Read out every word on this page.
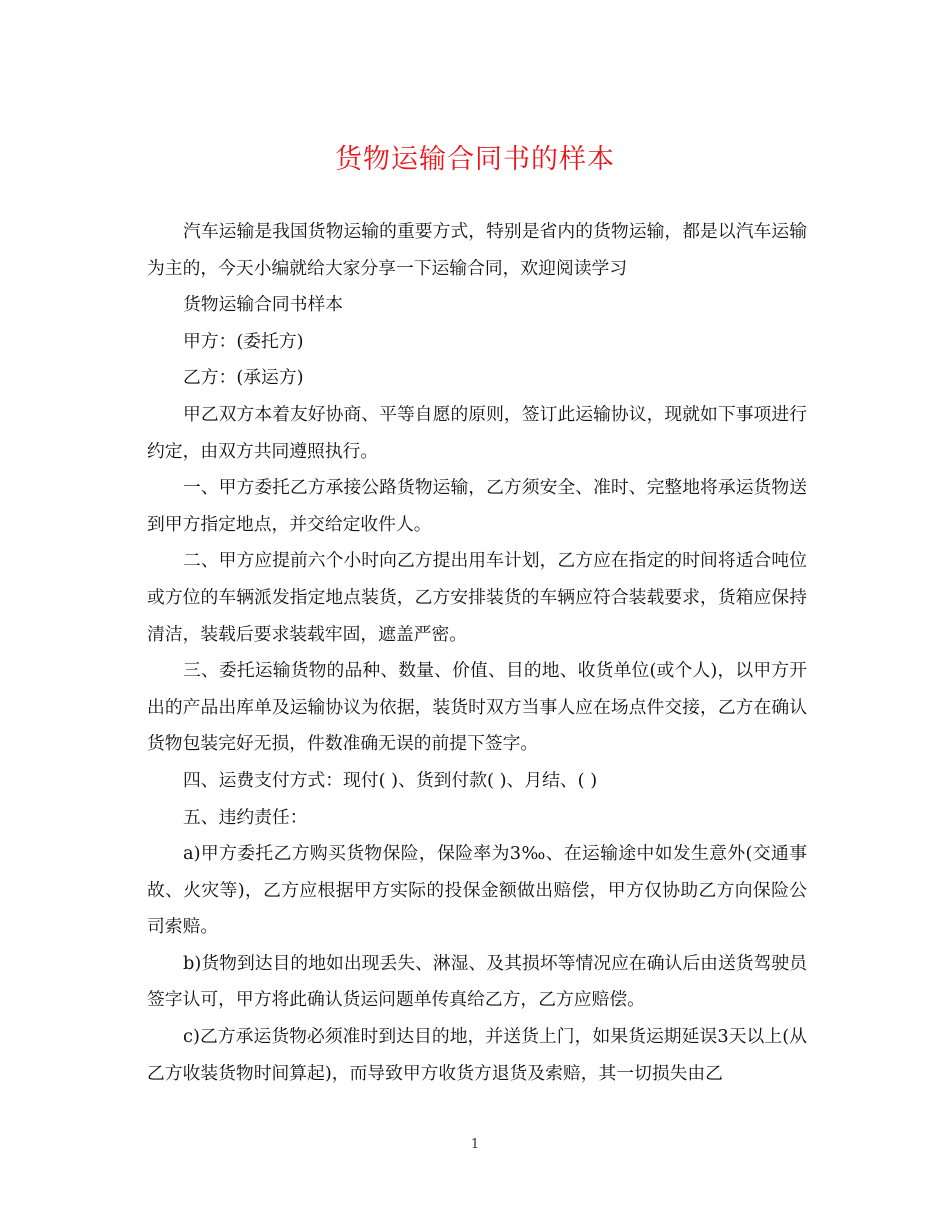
货物运输合同书的样本

汽车运输是我国货物运输的重要方式，特别是省内的货物运输，都是以汽车运输为主的，今天小编就给大家分享一下运输合同，欢迎阅读学习

货物运输合同书样本

甲方：(委托方)

乙方：(承运方)

甲乙双方本着友好协商、平等自愿的原则，签订此运输协议，现就如下事项进行约定，由双方共同遵照执行。

一、甲方委托乙方承接公路货物运输，乙方须安全、准时、完整地将承运货物送到甲方指定地点，并交给定收件人。

二、甲方应提前六个小时向乙方提出用车计划，乙方应在指定的时间将适合吨位或方位的车辆派发指定地点装货，乙方安排装货的车辆应符合装载要求，货箱应保持清洁，装载后要求装载牢固，遮盖严密。

三、委托运输货物的品种、数量、价值、目的地、收货单位(或个人)，以甲方开出的产品出库单及运输协议为依据，装货时双方当事人应在场点件交接，乙方在确认货物包装完好无损，件数准确无误的前提下签字。

四、运费支付方式：现付( )、货到付款( )、月结、( )

五、违约责任：

a)甲方委托乙方购买货物保险，保险率为3‰、在运输途中如发生意外(交通事故、火灾等)，乙方应根据甲方实际的投保金额做出赔偿，甲方仅协助乙方向保险公司索赔。

b)货物到达目的地如出现丢失、淋湿、及其损坏等情况应在确认后由送货驾驶员签字认可，甲方将此确认货运问题单传真给乙方，乙方应赔偿。

c)乙方承运货物必须准时到达目的地，并送货上门，如果货运期延误3天以上(从乙方收装货物时间算起)，而导致甲方收货方退货及索赔，其一切损失由乙

1
